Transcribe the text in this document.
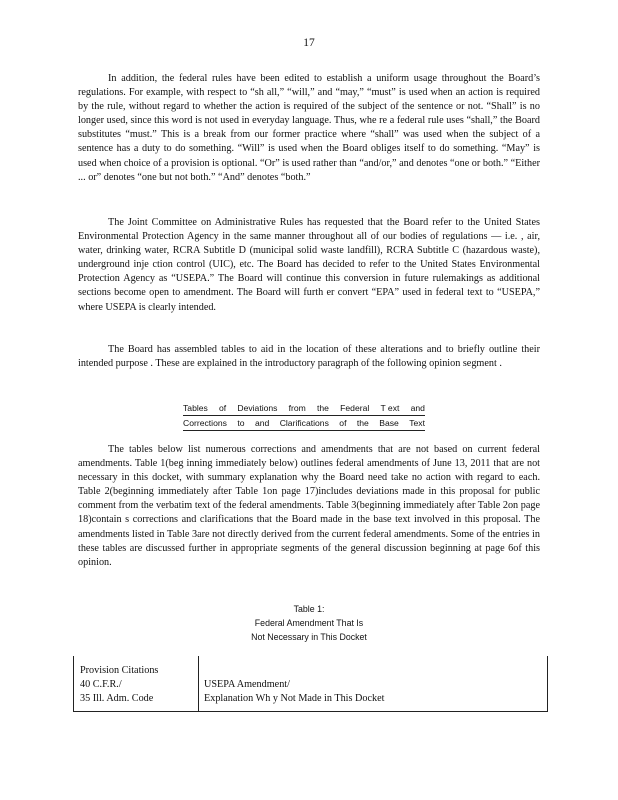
17

In addition, the federal rules have been edited to establish a uniform usage throughout the Board’s regulations. For example, with respect to “sh all,” “will,” and “may,” “must” is used when an action is required by the rule, without regard to whether the action is required of the subject of the sentence or not. “Shall” is no longer used, since this word is not used in everyday language. Thus, whe re a federal rule uses “shall,” the Board substitutes “must.” This is a break from our former practice where “shall” was used when the subject of a sentence has a duty to do something. “Will” is used when the Board obliges itself to do something. “May” is used when choice of a provision is optional. “Or” is used rather than “and/or,” and denotes “one or both.” “Either ... or” denotes “one but not both.” “And” denotes “both.”

The Joint Committee on Administrative Rules has requested that the Board refer to the United States Environmental Protection Agency in the same manner throughout all of our bodies of regulations — i.e. , air, water, drinking water, RCRA Subtitle D (municipal solid waste landfill), RCRA Subtitle C (hazardous waste), underground inje ction control (UIC), etc. The Board has decided to refer to the United States Environmental Protection Agency as “USEPA.” The Board will continue this conversion in future rulemakings as additional sections become open to amendment. The Board will furth er convert “EPA” used in federal text to “USEPA,” where USEPA is clearly intended.

The Board has assembled tables to aid in the location of these alterations and to briefly outline their intended purpose . These are explained in the introductory paragraph of the following opinion segment .

Tables of Deviations from the Federal T ext and
Corrections to and Clarifications of the Base Text

The tables below list numerous corrections and amendments that are not based on current federal amendments. Table 1(beg inning immediately below) outlines federal amendments of June 13, 2011 that are not necessary in this docket, with summary explanation why the Board need take no action with regard to each. Table 2(beginning immediately after Table 1on page 17)includes deviations made in this proposal for public comment from the verbatim text of the federal amendments. Table 3(beginning immediately after Table 2on page 18)contain s corrections and clarifications that the Board made in the base text involved in this proposal. The amendments listed in Table 3are not directly derived from the current federal amendments. Some of the entries in these tables are discussed further in appropriate segments of the general discussion beginning at page 6of this opinion.

Table 1:
Federal Amendment That Is
Not Necessary in This Docket
Provision Citations
40 C.F.R./
35 Ill. Adm. Code
USEPA Amendment/
Explanation Wh y Not Made in This Docket
